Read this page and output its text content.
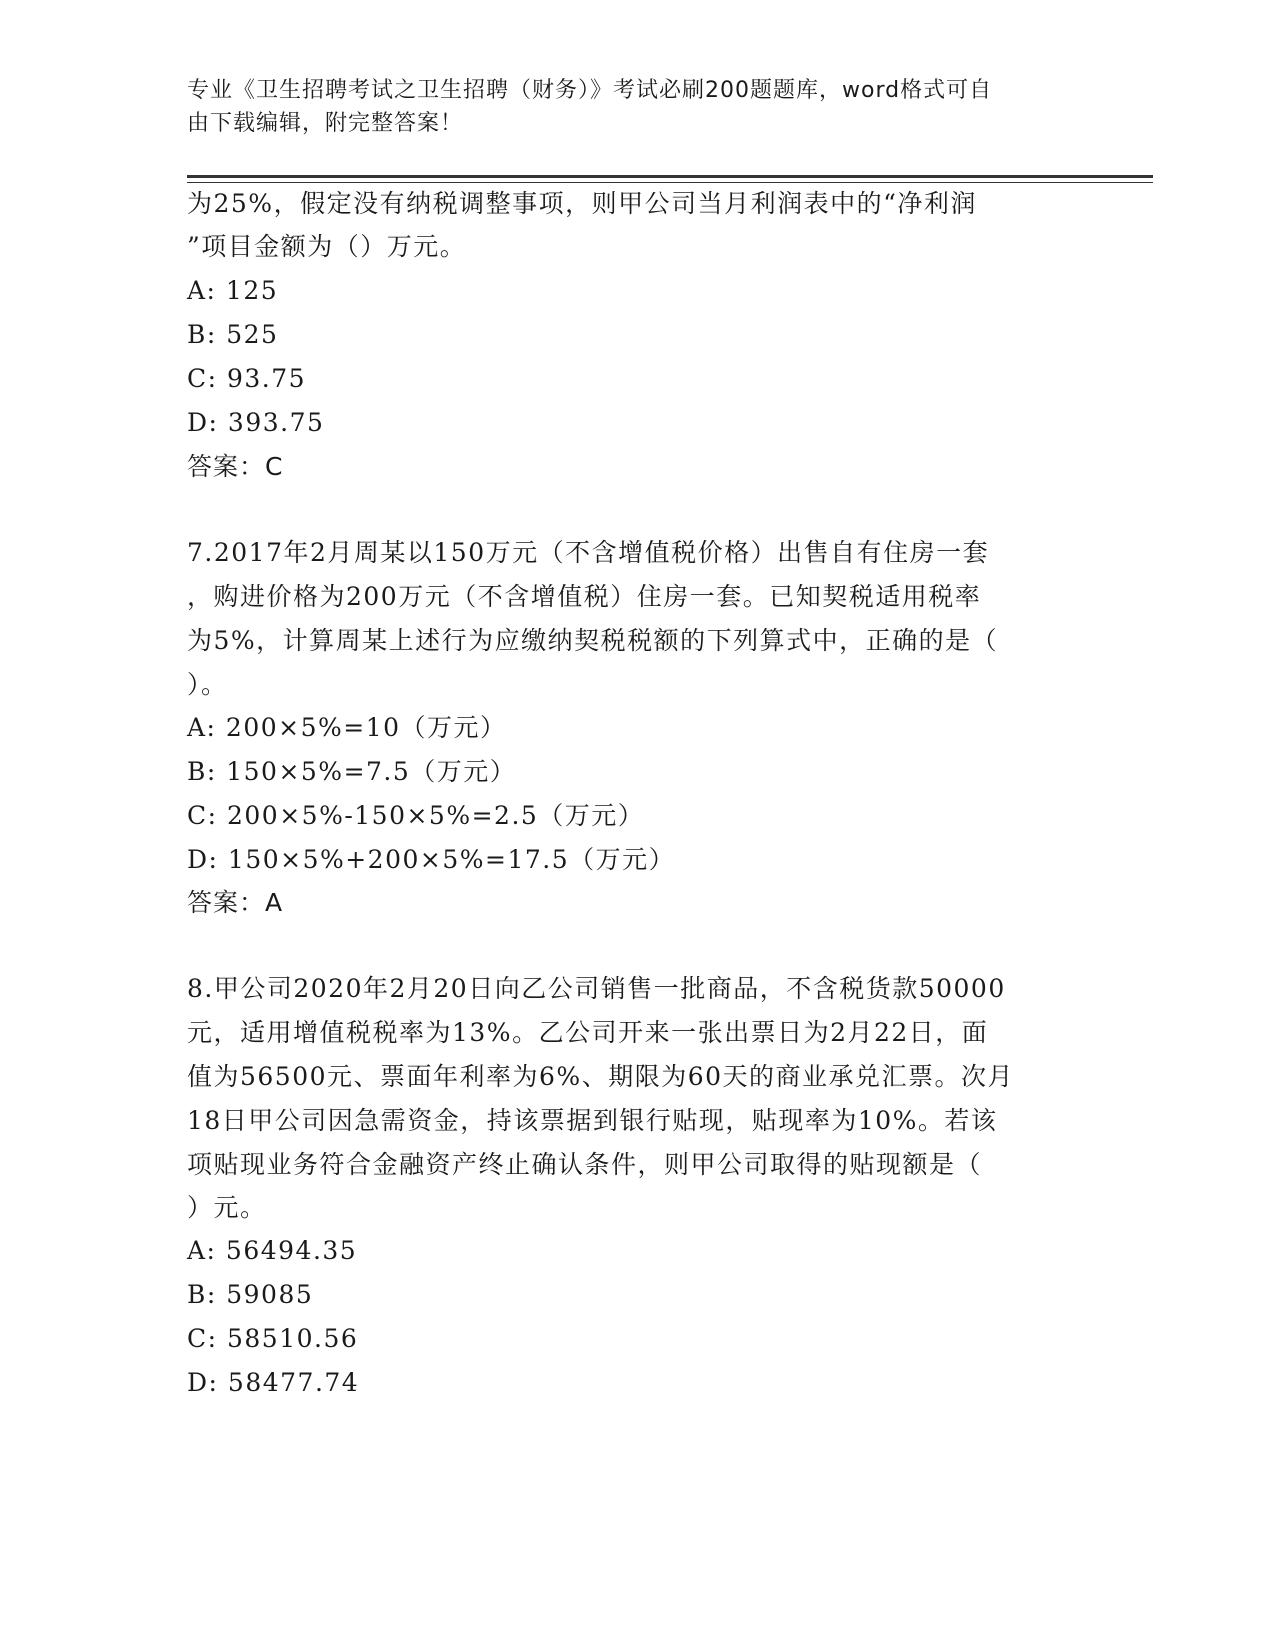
专业《卫生招聘考试之卫生招聘（财务）》考试必刷200题题库，word格式可自
由下载编辑，附完整答案！
为25%，假定没有纳税调整事项，则甲公司当月利润表中的“净利润
”项目金额为（）万元。
A: 125
B: 525
C: 93.75
D: 393.75
答案：C
7.2017年2月周某以150万元（不含增值税价格）出售自有住房一套
，购进价格为200万元（不含增值税）住房一套。已知契税适用税率
为5%，计算周某上述行为应缴纳契税税额的下列算式中，正确的是（
）。
A: 200×5%=10（万元）
B: 150×5%=7.5（万元）
C: 200×5%-150×5%=2.5（万元）
D: 150×5%+200×5%=17.5（万元）
答案：A
8.甲公司2020年2月20日向乙公司销售一批商品，不含税货款50000
元，适用增值税税率为13%。乙公司开来一张出票日为2月22日，面
值为56500元、票面年利率为6%、期限为60天的商业承兑汇票。次月
18日甲公司因急需资金，持该票据到银行贴现，贴现率为10%。若该
项贴现业务符合金融资产终止确认条件，则甲公司取得的贴现额是（
）元。
A: 56494.35
B: 59085
C: 58510.56
D: 58477.74
